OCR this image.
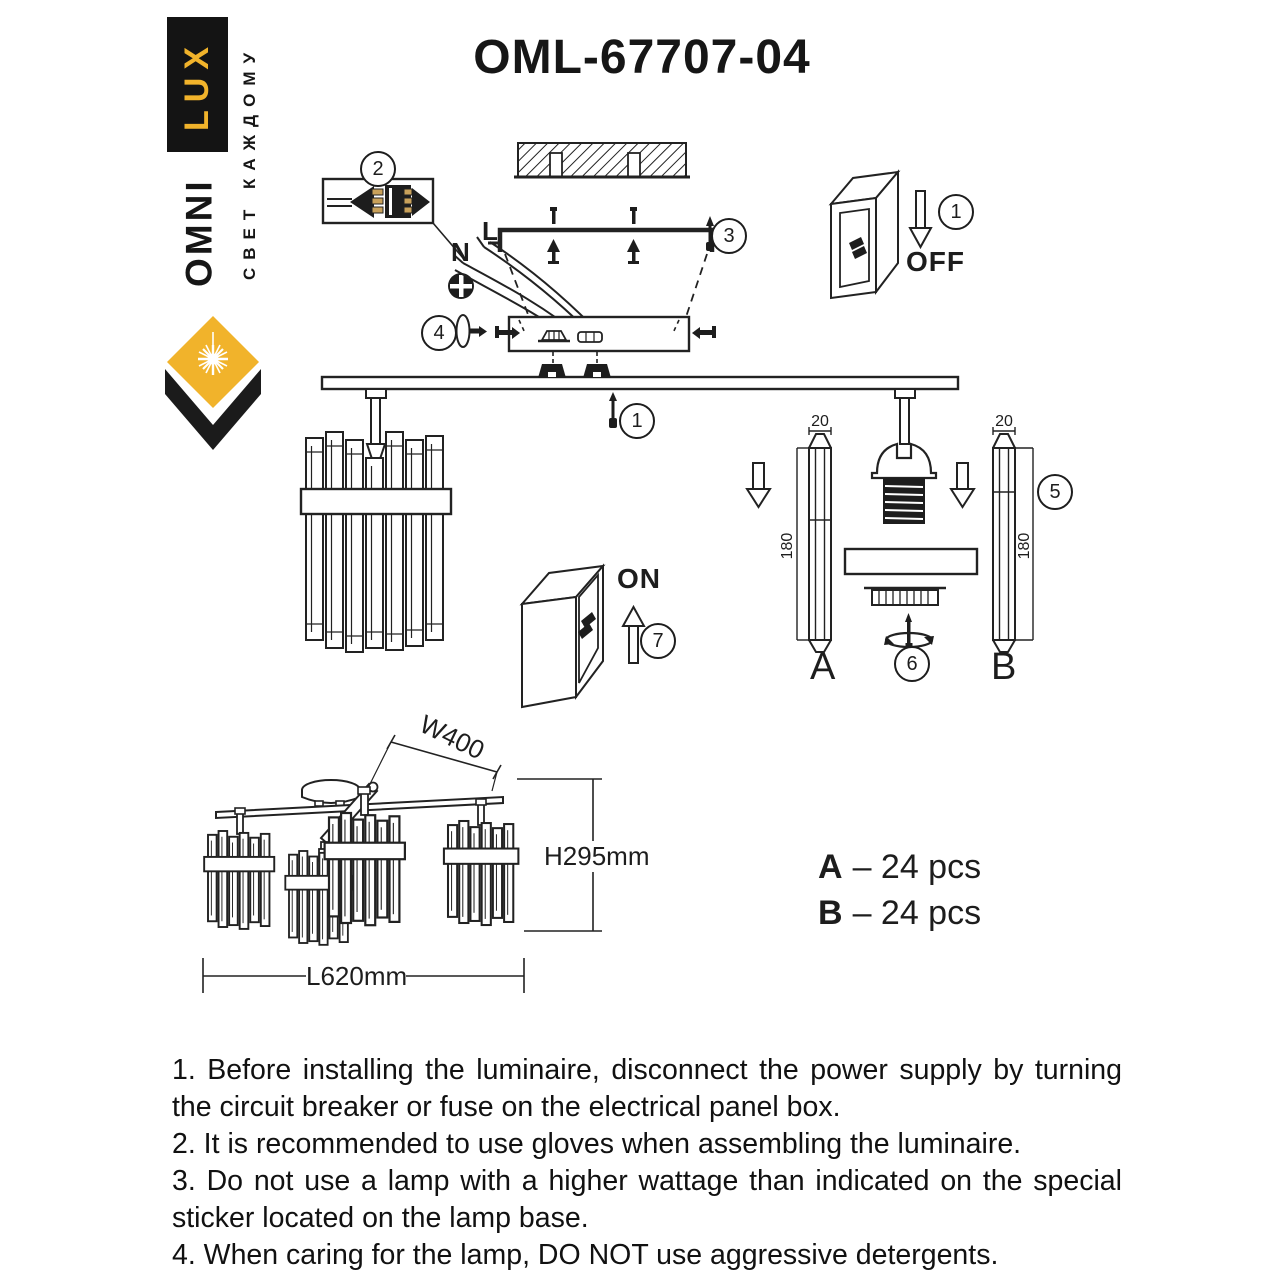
OML-67707-04
LUX
OMNI	СВЕТ КАЖДОМУ	N
L
OFF
ON
1
2
3
4
1
5
6
7
A	B
20	20
180	180
W400
H295mm
L620mm
A – 24 pcs
B – 24 pcs

1. Before installing the luminaire, disconnect the power supply by turning the circuit breaker or fuse on the electrical panel box.

2. It is recommended to use gloves when assembling the luminaire.

3. Do not use a lamp with a higher wattage than indicated on the special sticker located on the lamp base.

4. When caring for the lamp, DO NOT use aggressive detergents.
